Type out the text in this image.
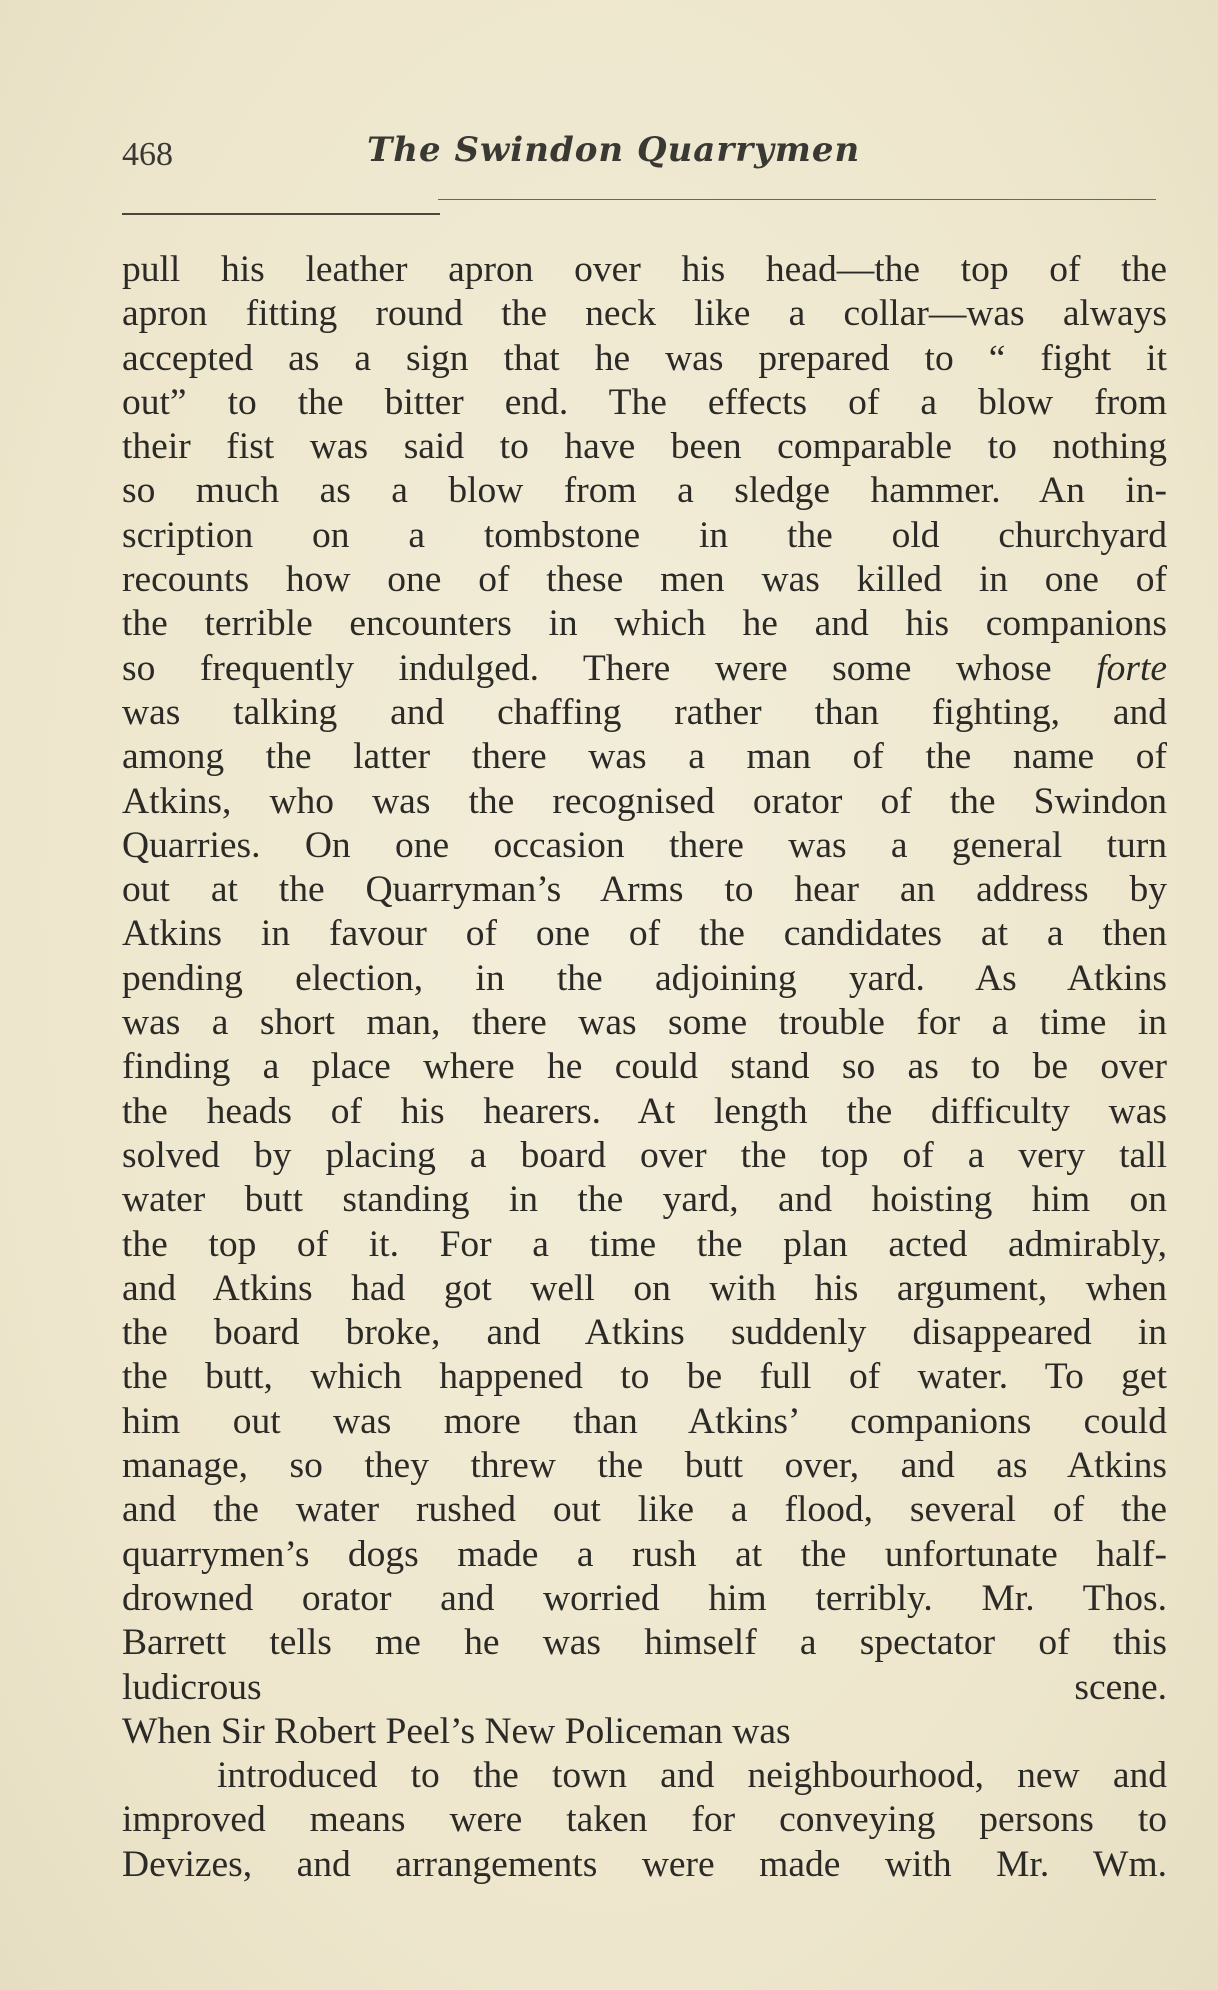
468	The Swindon Quarrymen
pull his leather apron over his head—the top of the
apron fitting round the neck like a collar—was always
accepted as a sign that he was prepared to “ fight it
out” to the bitter end. The effects of a blow from
their fist was said to have been comparable to nothing
so much as a blow from a sledge hammer. An in-
scription on a tombstone in the old churchyard
recounts how one of these men was killed in one of
the terrible encounters in which he and his companions
so frequently indulged. There were some whose forte
was talking and chaffing rather than fighting, and
among the latter there was a man of the name of
Atkins, who was the recognised orator of the Swindon
Quarries. On one occasion there was a general turn
out at the Quarryman’s Arms to hear an address by
Atkins in favour of one of the candidates at a then
pending election, in the adjoining yard. As Atkins
was a short man, there was some trouble for a time in
finding a place where he could stand so as to be over
the heads of his hearers. At length the difficulty was
solved by placing a board over the top of a very tall
water butt standing in the yard, and hoisting him on
the top of it. For a time the plan acted admirably,
and Atkins had got well on with his argument, when
the board broke, and Atkins suddenly disappeared in
the butt, which happened to be full of water. To get
him out was more than Atkins’ companions could
manage, so they threw the butt over, and as Atkins
and the water rushed out like a flood, several of the
quarrymen’s dogs made a rush at the unfortunate half-
drowned orator and worried him terribly. Mr. Thos.
Barrett tells me he was himself a spectator of this
ludicrous scene.
When Sir Robert Peel’s New Policeman was
introduced to the town and neighbourhood, new and
improved means were taken for conveying persons to
Devizes, and arrangements were made with Mr. Wm.
